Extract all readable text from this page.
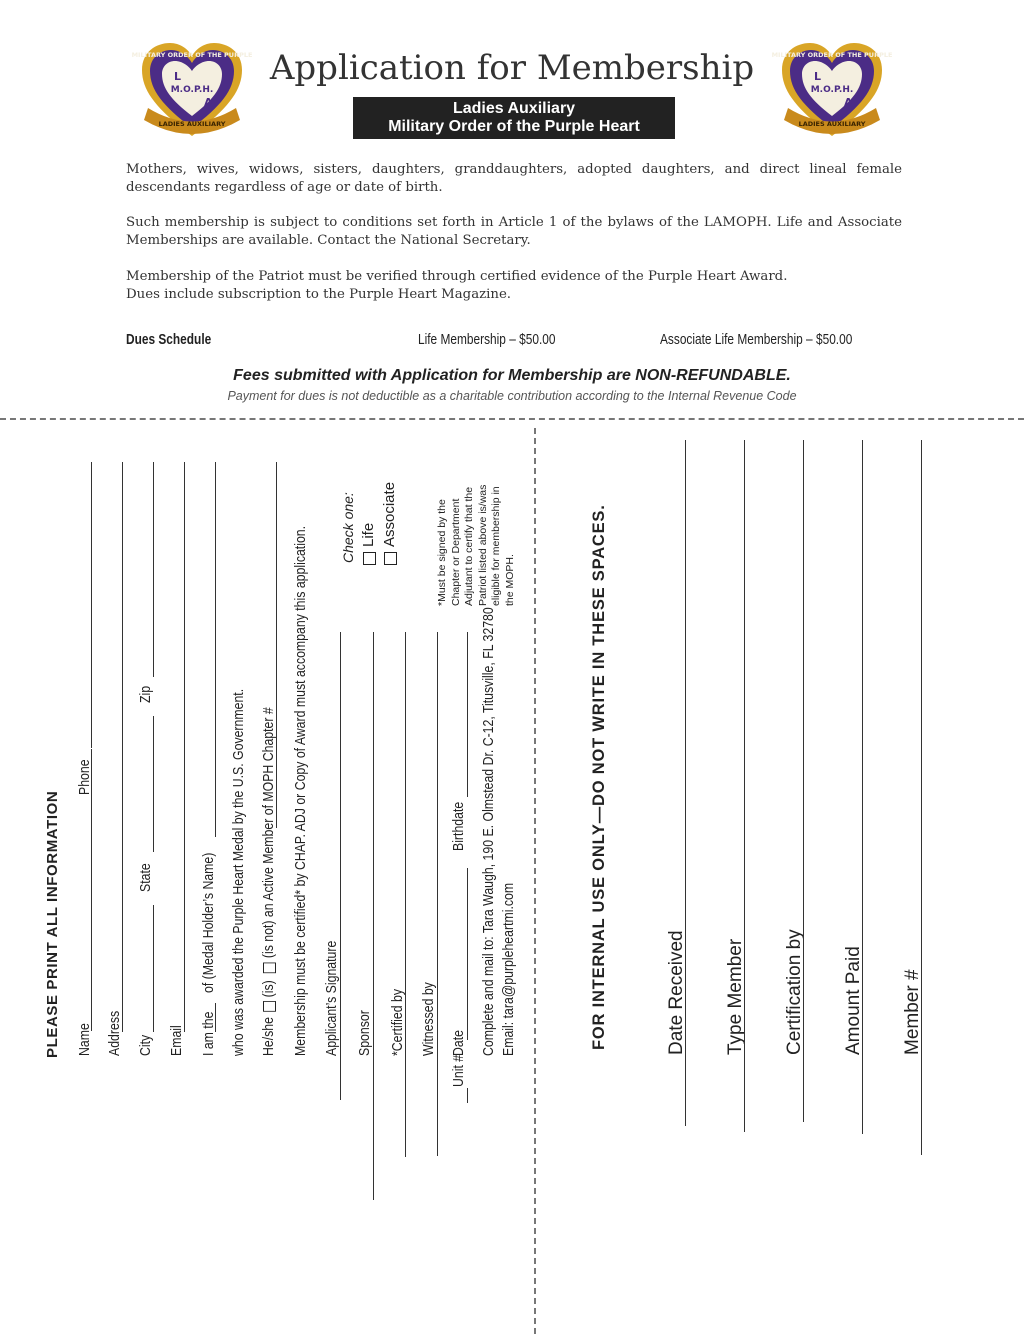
MILITARY ORDER OF THE PURPLE
L
M.O.P.H.
A
LADIES AUXILIARY
MILITARY ORDER OF THE PURPLE
L
M.O.P.H.
A
LADIES AUXILIARY
Application for Membership
Ladies Auxiliary
Military Order of the Purple Heart
Mothers, wives, widows, sisters, daughters, granddaughters, adopted daughters, and direct lineal female descendants regardless of age or date of birth.
Such membership is subject to conditions set forth in Article 1 of the bylaws of the LAMOPH. Life and Associate Memberships are available. Contact the National Secretary.
Membership of the Patriot must be verified through certified evidence of the Purple Heart Award.
Dues include subscription to the Purple Heart Magazine.
Dues Schedule	Life Membership – $50.00	Associate Life Membership – $50.00
Fees submitted with Application for Membership are NON-REFUNDABLE.
Payment for dues is not deductible as a charitable contribution according to the Internal Revenue Code
PLEASE PRINT ALL INFORMATION Name
Phone
Address City
State
Zip
Email I am the
of (Medal Holder’s Name) who was awarded the Purple Heart Medal by the U.S. Government. He/she(is)(is not) an Active Member of MOPH Chapter # Membership must be certified* by CHAP. ADJ or Copy of Award must accompany this application. Applicant’s Signature Sponsor *Certified by Witnessed by Date
Unit #
Birthdate Complete and mail to: Tara Waugh, 190 E. Olmstead Dr. C-12, Titusville, FL 32780 Email: tara@purpleheartmi.com
Check one: Life Associate	*Must be signed by the Chapter or Department Adjutant to certify that the Patriot listed above is/was eligible for membership in the MOPH.	FOR INTERNAL USE ONLY—DO NOT WRITE IN THESE SPACES.	Date Received Type Member Certification by Amount Paid Member #
